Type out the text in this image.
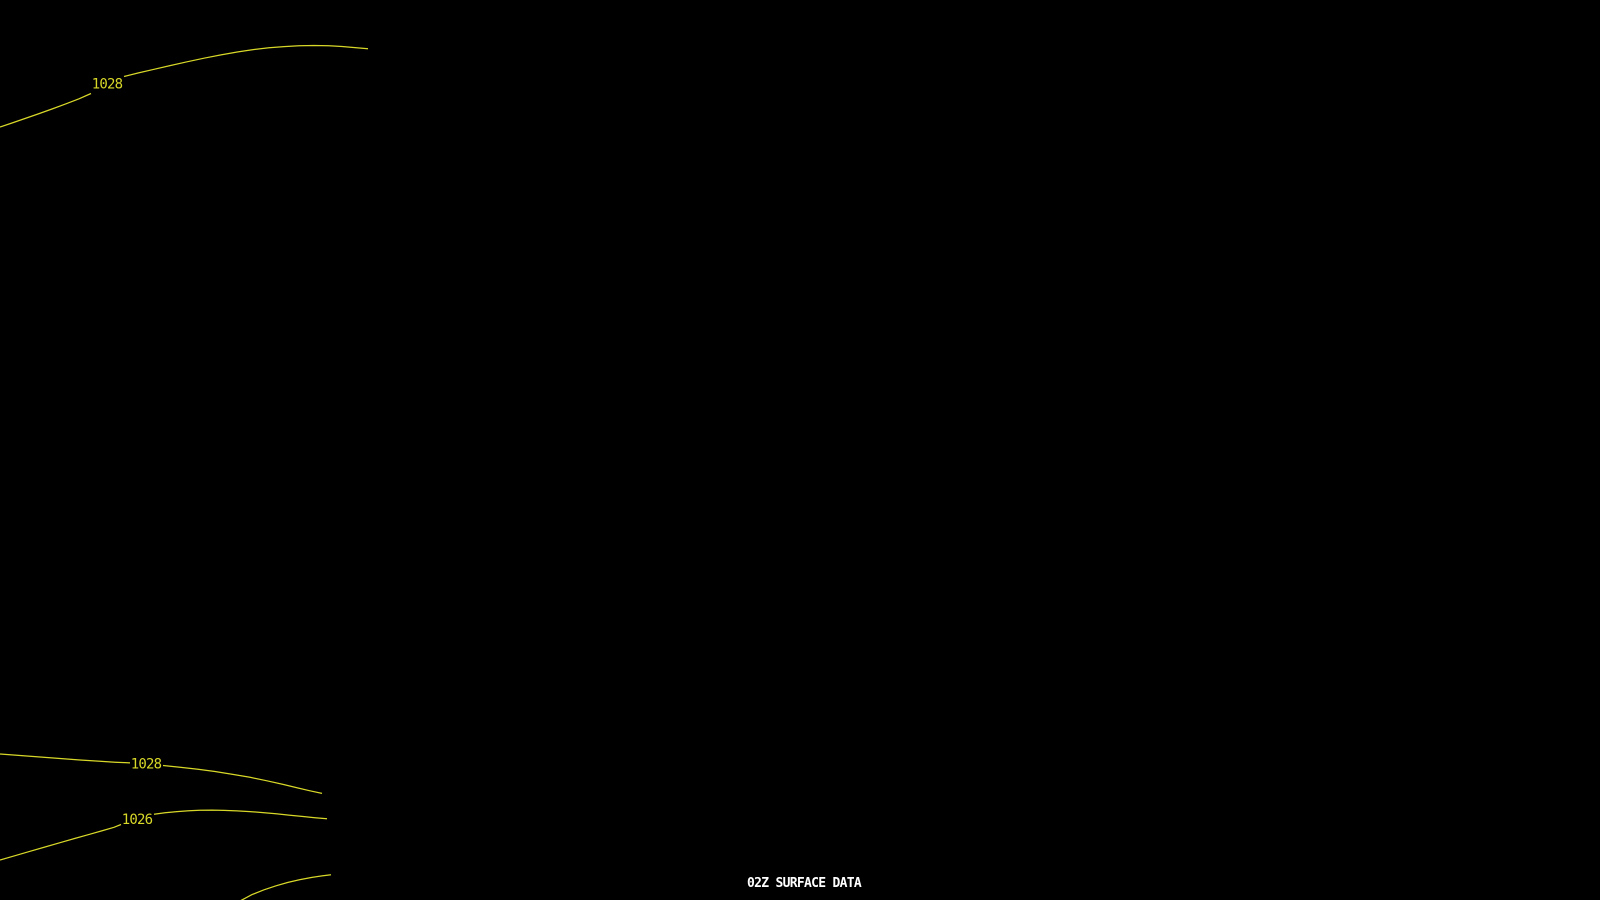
1028
1028
1026
02Z SURFACE DATA
